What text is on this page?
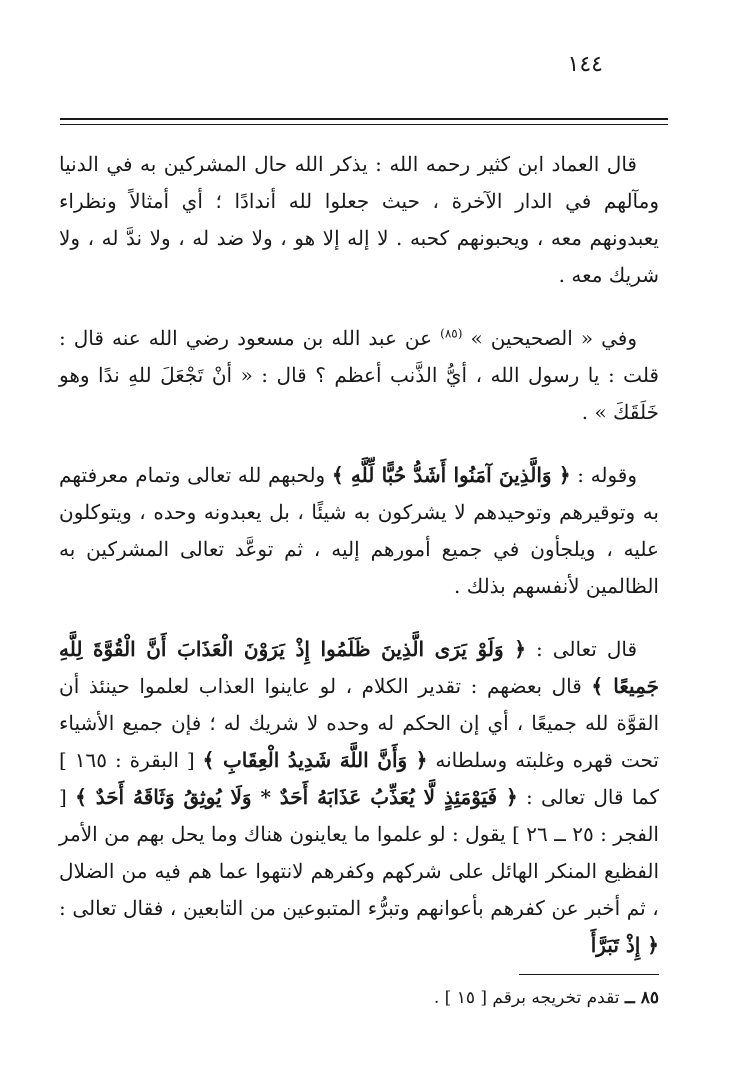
١٤٤

قال العماد ابن كثير رحمه الله : يذكر الله حال المشركين به في الدنيا ومآلهم في الدار الآخرة ، حيث جعلوا لله أندادًا ؛ أي أمثالاً ونظراء يعبدونهم معه ، ويحبونهم كحبه . لا إله إلا هو ، ولا ضد له ، ولا ندَّ له ، ولا شريك معه .

وفي « الصحيحين » $^{(٨٥)}$ عن عبد الله بن مسعود رضي الله عنه قال : قلت : يا رسول الله ، أيُّ الذَّنب أعظم ؟ قال : « أنْ تَجْعَلَ للهِ ندًا وهو خَلَقَكَ » .

وقوله : ﴿ وَالَّذِينَ آمَنُوا أَشَدُّ حُبًّا لِّلَّهِ ﴾ ولحبهم لله تعالى وتمام معرفتهم به وتوقيرهم وتوحيدهم لا يشركون به شيئًا ، بل يعبدونه وحده ، ويتوكلون عليه ، ويلجأون في جميع أمورهم إليه ، ثم توعَّد تعالى المشركين به الظالمين لأنفسهم بذلك .

قال تعالى : ﴿ وَلَوْ يَرَى الَّذِينَ ظَلَمُوا إِذْ يَرَوْنَ الْعَذَابَ أَنَّ الْقُوَّةَ لِلَّهِ جَمِيعًا ﴾ قال بعضهم : تقدير الكلام ، لو عاينوا العذاب لعلموا حينئذ أن القوَّة لله جميعًا ، أي إن الحكم له وحده لا شريك له ؛ فإن جميع الأشياء تحت قهره وغلبته وسلطانه ﴿ وَأَنَّ اللَّهَ شَدِيدُ الْعِقَابِ ﴾ [ البقرة : ١٦٥ ] كما قال تعالى : ﴿ فَيَوْمَئِذٍ لَّا يُعَذِّبُ عَذَابَهُ أَحَدٌ * وَلَا يُوثِقُ وَثَاقَهُ أَحَدٌ ﴾ [ الفجر : ٢٥ ــ ٢٦ ] يقول : لو علموا ما يعاينون هناك وما يحل بهم من الأمر الفظيع المنكر الهائل على شركهم وكفرهم لانتهوا عما هم فيه من الضلال ، ثم أخبر عن كفرهم بأعوانهم وتبرُّء المتبوعين من التابعين ، فقال تعالى : ﴿ إِذْ تَبَرَّأَ

٨٥ ــ تقدم تخريجه برقم [ ١٥ ] .
